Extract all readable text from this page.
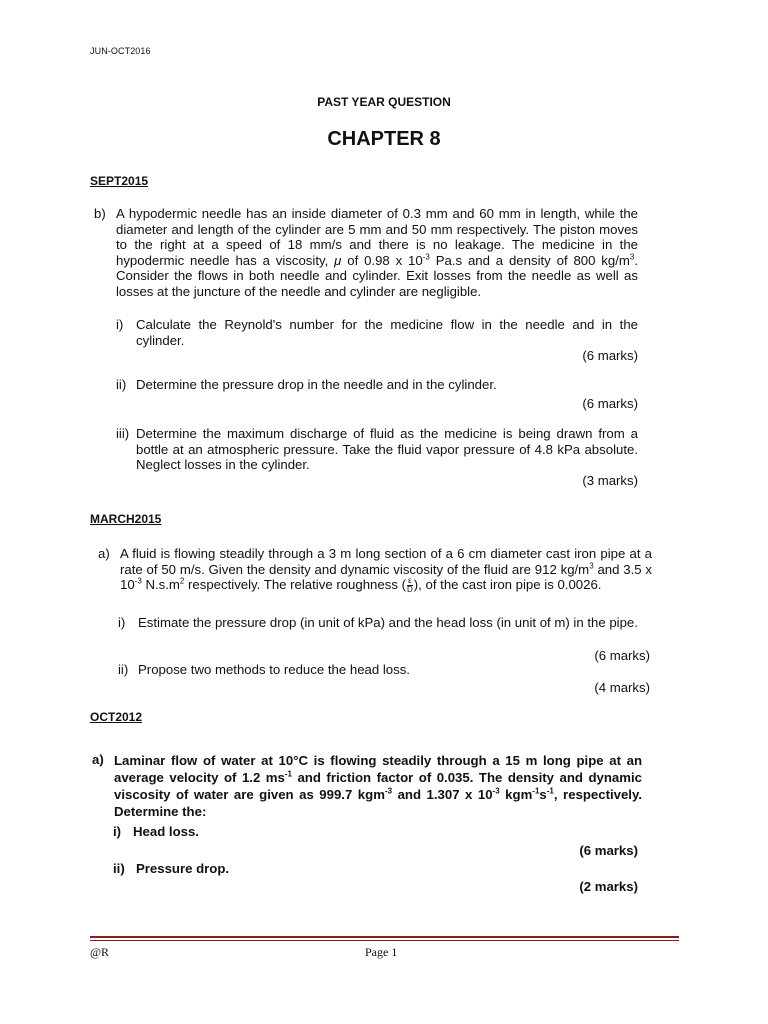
JUN-OCT2016
PAST YEAR QUESTION
CHAPTER 8
SEPT2015
b) A hypodermic needle has an inside diameter of 0.3 mm and 60 mm in length, while the diameter and length of the cylinder are 5 mm and 50 mm respectively. The piston moves to the right at a speed of 18 mm/s and there is no leakage. The medicine in the hypodermic needle has a viscosity, μ of 0.98 x $10^{-3}$ Pa.s and a density of 800 $kg/m^3$. Consider the flows in both needle and cylinder. Exit losses from the needle as well as losses at the juncture of the needle and cylinder are negligible.
i) Calculate the Reynold's number for the medicine flow in the needle and in the cylinder.
(6 marks)
ii) Determine the pressure drop in the needle and in the cylinder.
(6 marks)
iii) Determine the maximum discharge of fluid as the medicine is being drawn from a bottle at an atmospheric pressure. Take the fluid vapor pressure of 4.8 kPa absolute. Neglect losses in the cylinder.
(3 marks)
MARCH2015
a) A fluid is flowing steadily through a 3 m long section of a 6 cm diameter cast iron pipe at a rate of 50 m/s. Given the density and dynamic viscosity of the fluid are 912 $kg/m^3$ and 3.5 x $10^{-3}$ $N.s.m^2$ respectively. The relative roughness ( $\frac{\varepsilon}{D}$ ), of the cast iron pipe is 0.0026.
i) Estimate the pressure drop (in unit of kPa) and the head loss (in unit of m) in the pipe.
(6 marks)
ii) Propose two methods to reduce the head loss.
(4 marks)
OCT2012
a) Laminar flow of water at 10°C is flowing steadily through a 15 m long pipe at an average velocity of 1.2 $ms^{-1}$ and friction factor of 0.035. The density and dynamic viscosity of water are given as 999.7 kgm$^{-3}$ and 1.307 x $10^{-3}$ $kgm^{-1}s^{-1}$, respectively. Determine the:
i) Head loss.
(6 marks)
ii) Pressure drop.
(2 marks)
@R	Page 1
